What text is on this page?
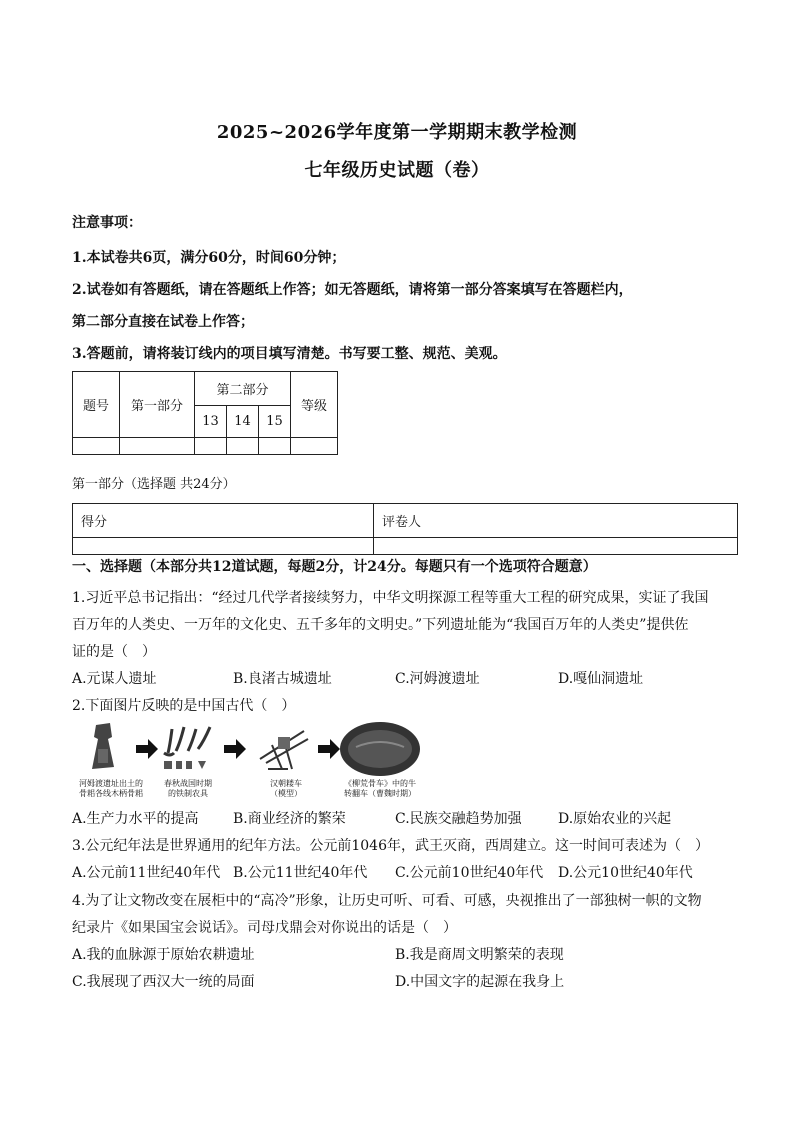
2025~2026学年度第一学期期末教学检测
七年级历史试题（卷）
注意事项：
1.本试卷共6页，满分60分，时间60分钟；
2.试卷如有答题纸，请在答题纸上作答；如无答题纸，请将第一部分答案填写在答题栏内，
第二部分直接在试卷上作答；
3.答题前，请将装订线内的项目填写清楚。书写要工整、规范、美观。
题号	第一部分	第二部分			等级
		13	14	15	

第一部分（选择题 共24分）
得分	评卷人

一、选择题（本部分共12道试题，每题2分，计24分。每题只有一个选项符合题意）
1.习近平总书记指出：“经过几代学者接续努力，中华文明探源工程等重大工程的研究成果，实证了我国
百万年的人类史、一万年的文化史、五千多年的文明史。”下列遗址能为“我国百万年的人类史”提供佐
证的是（　）
A.元谋人遗址	B.良渚古城遗址	C.河姆渡遗址	D.嘎仙洞遗址
2.下面图片反映的是中国古代（　）
河姆渡遗址出土的
骨耜各线木柄骨耜
春秋战国时期
的铁制农具
汉朝耧车
（模型）
《柳荒骨车》中的牛
转翻车（曹魏时期）
A.生产力水平的提高 B.商业经济的繁荣	C.民族交融趋势加强	D.原始农业的兴起
3.公元纪年法是世界通用的纪年方法。公元前1046年，武王灭商，西周建立。这一时间可表述为（　）
A.公元前11世纪40年代 B.公元11世纪40年代 C.公元前10世纪40年代 D.公元10世纪40年代
4.为了让文物改变在展柜中的“高冷”形象，让历史可听、可看、可感，央视推出了一部独树一帜的文物
纪录片《如果国宝会说话》。司母戊鼎会对你说出的话是（　）
A.我的血脉源于原始农耕遗址	B.我是商周文明繁荣的表现
C.我展现了西汉大一统的局面	D.中国文字的起源在我身上
